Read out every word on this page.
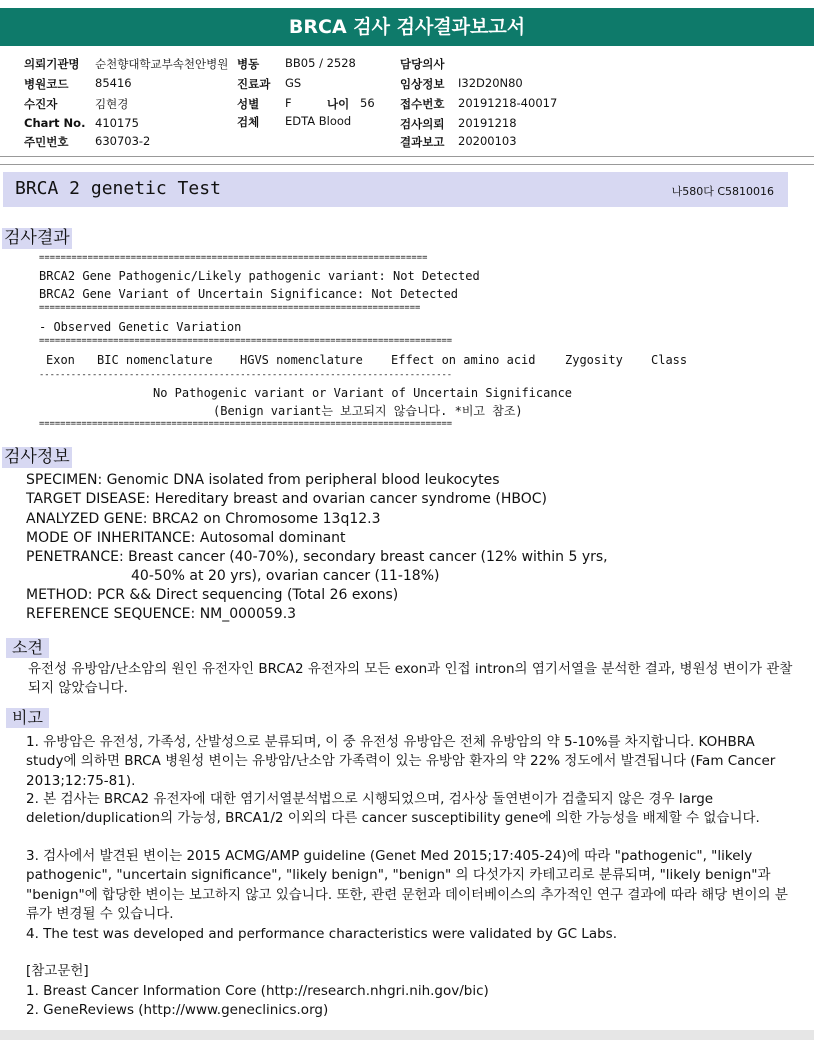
BRCA 검사 검사결과보고서
의뢰기관명 순천향대학교부속천안병원 병동 BB05 / 2528	담당의사
병원코드 85416	진료과 GS	임상정보 I32D20N80
수진자	김현경	성별 F	나이 56 접수번호 20191218-40017
Chart No. 410175	검체 EDTA Blood	검사의뢰 20191218
주민번호 630703-2	결과보고 20200103
BRCA 2 genetic Test	나580다 C5810016
검사결과
========================================================================
BRCA2 Gene Pathogenic/Likely pathogenic variant: Not Detected
BRCA2 Gene Variant of Uncertain Significance: Not Detected
========================================================================
- Observed Genetic Variation
==============================================================================
Exon BIC nomenclature HGVS nomenclature Effect on amino acid Zygosity Class
------------------------------------------------------------------------------
No Pathogenic variant or Variant of Uncertain Significance
(Benign variant는 보고되지 않습니다. *비고 참조)
==============================================================================
검사정보
SPECIMEN: Genomic DNA isolated from peripheral blood leukocytes
TARGET DISEASE: Hereditary breast and ovarian cancer syndrome (HBOC)
ANALYZED GENE: BRCA2 on Chromosome 13q12.3
MODE OF INHERITANCE: Autosomal dominant
PENETRANCE: Breast cancer (40-70%), secondary breast cancer (12% within 5 yrs,
40-50% at 20 yrs), ovarian cancer (11-18%)
METHOD: PCR && Direct sequencing (Total 26 exons)
REFERENCE SEQUENCE: NM_000059.3
소견
유전성 유방암/난소암의 원인 유전자인 BRCA2 유전자의 모든 exon과 인접 intron의 염기서열을 분석한 결과, 병원성 변이가 관찰되지 않았습니다.
비고
1. 유방암은 유전성, 가족성, 산발성으로 분류되며, 이 중 유전성 유방암은 전체 유방암의 약 5-10%를 차지합니다. KOHBRA study에 의하면 BRCA 병원성 변이는 유방암/난소암 가족력이 있는 유방암 환자의 약 22% 정도에서 발견됩니다 (Fam Cancer 2013;12:75-81).
2. 본 검사는 BRCA2 유전자에 대한 염기서열분석법으로 시행되었으며, 검사상 돌연변이가 검출되지 않은 경우 large deletion/duplication의 가능성, BRCA1/2 이외의 다른 cancer susceptibility gene에 의한 가능성을 배제할 수 없습니다.
3. 검사에서 발견된 변이는 2015 ACMG/AMP guideline (Genet Med 2015;17:405-24)에 따라 "pathogenic", "likely pathogenic", "uncertain significance", "likely benign", "benign" 의 다섯가지 카테고리로 분류되며, "likely benign"과 "benign"에 합당한 변이는 보고하지 않고 있습니다. 또한, 관련 문헌과 데이터베이스의 추가적인 연구 결과에 따라 해당 변이의 분류가 변경될 수 있습니다.
4. The test was developed and performance characteristics were validated by GC Labs.
[참고문헌]
1. Breast Cancer Information Core (http://research.nhgri.nih.gov/bic)
2. GeneReviews (http://www.geneclinics.org)
